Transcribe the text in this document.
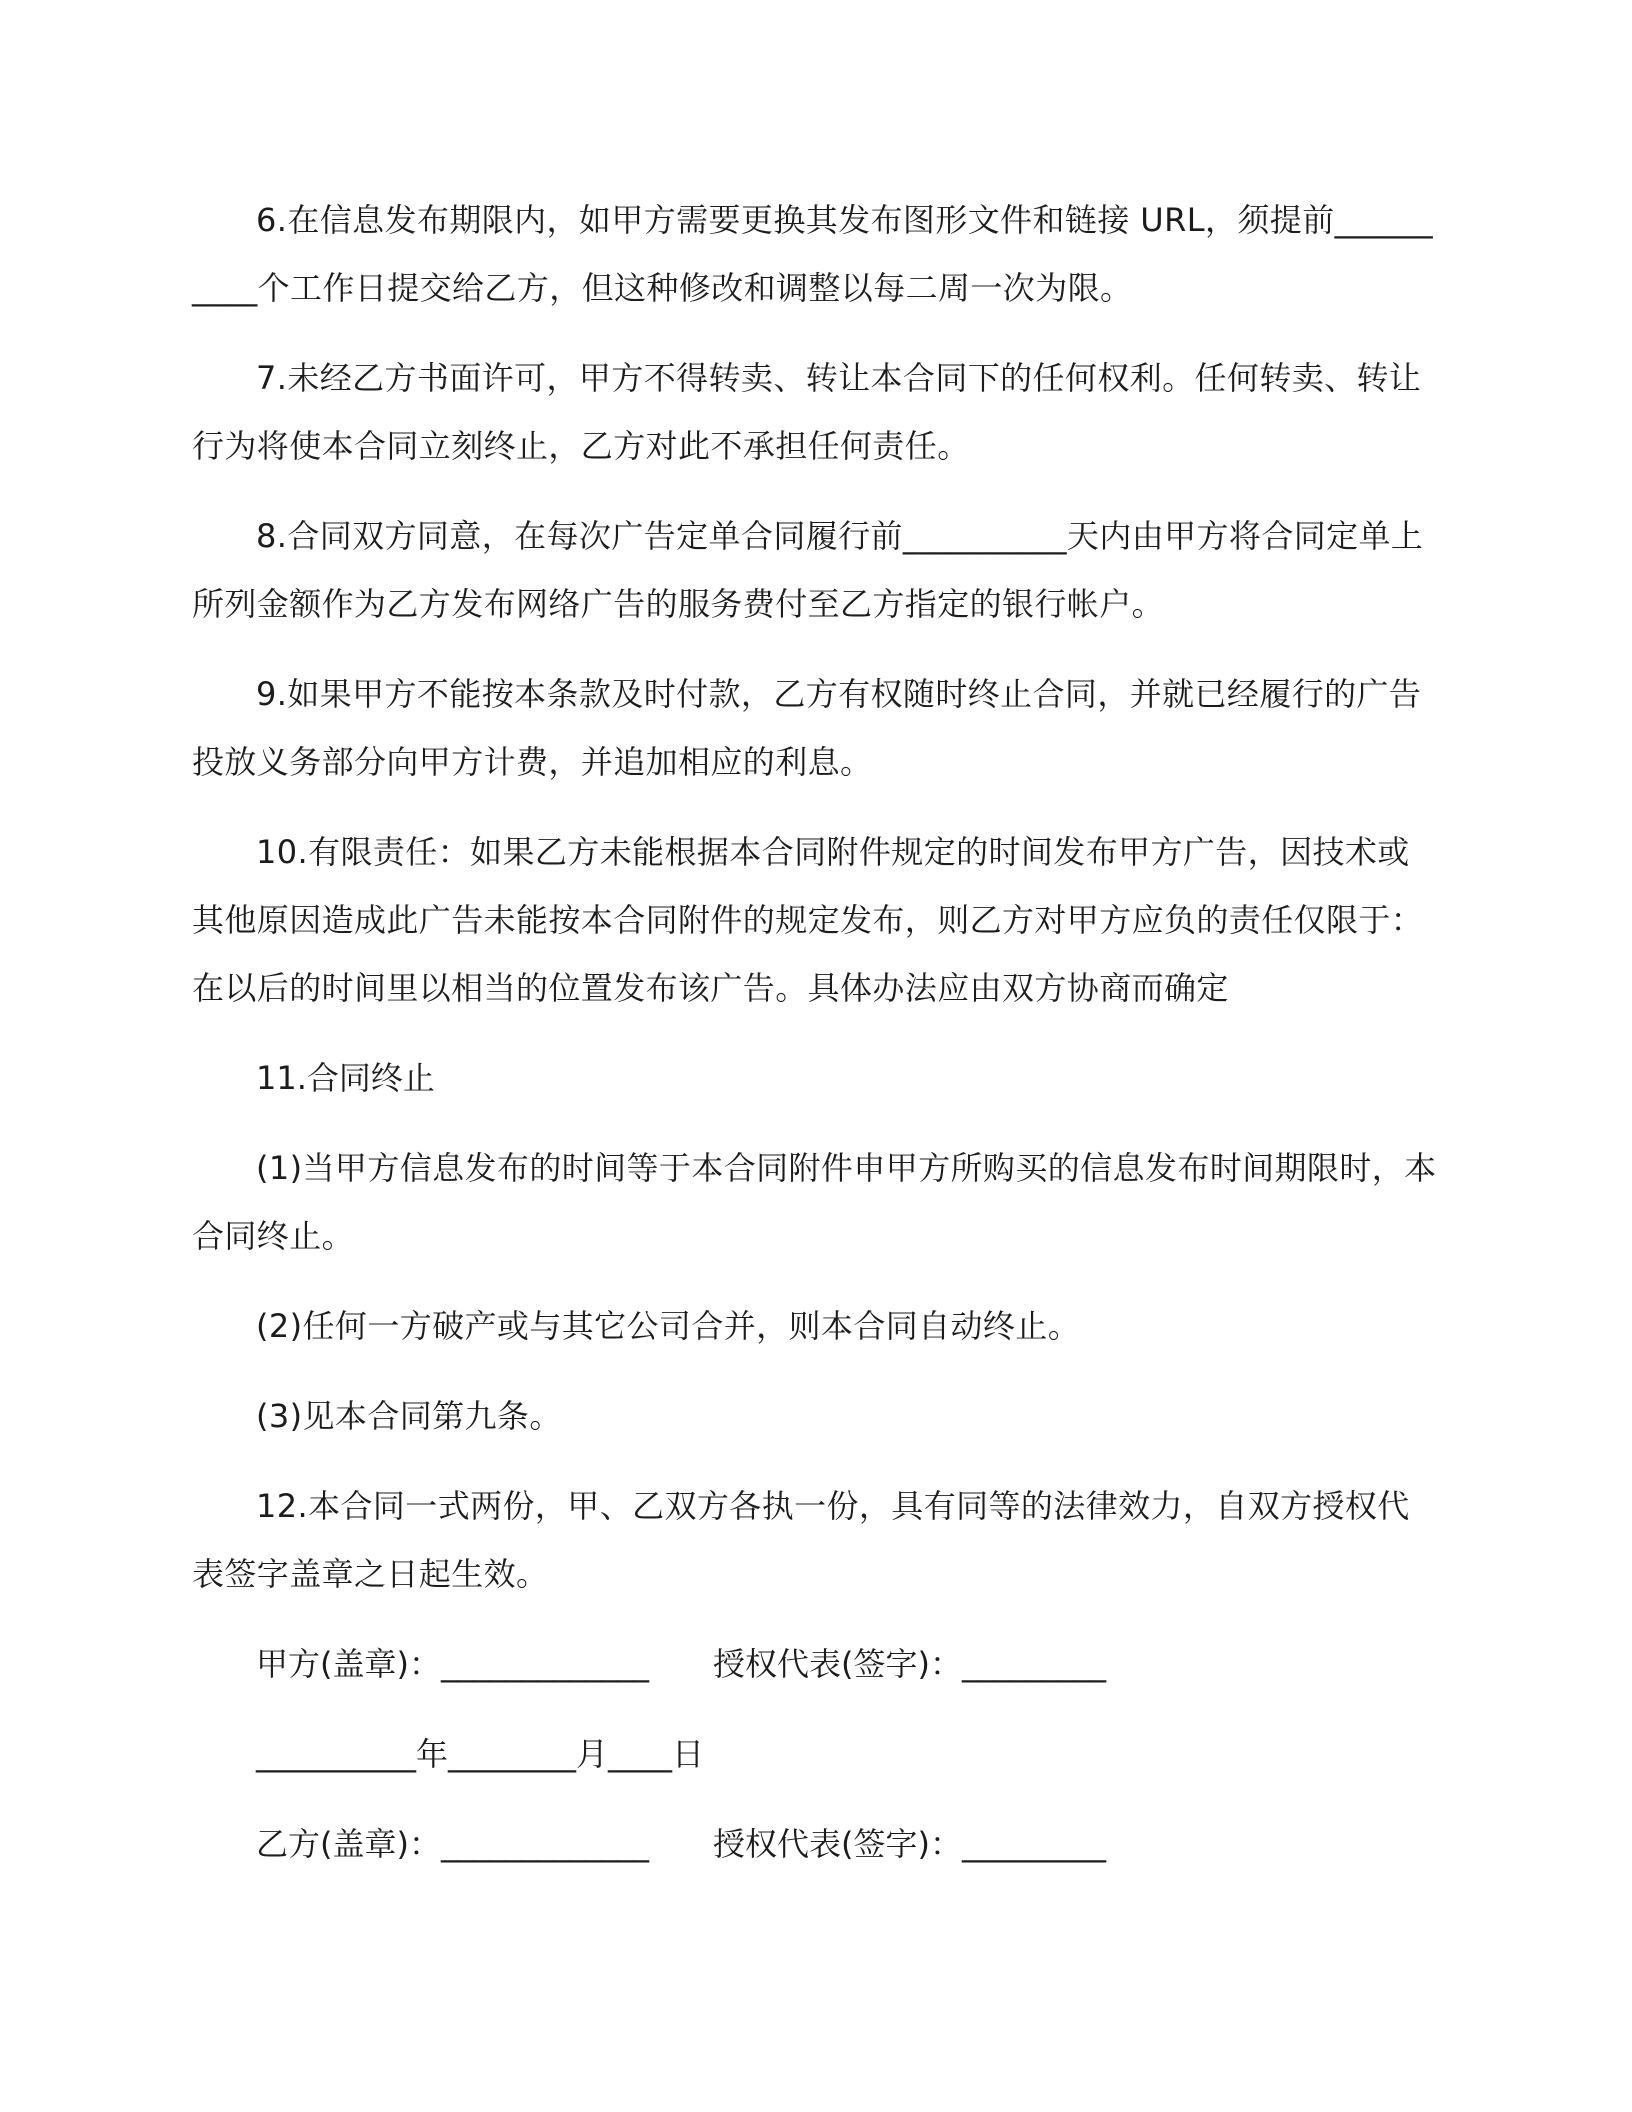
6.在信息发布期限内，如甲方需要更换其发布图形文件和链接 URL，须提前__________个工作日提交给乙方，但这种修改和调整以每二周一次为限。

7.未经乙方书面许可，甲方不得转卖、转让本合同下的任何权利。任何转卖、转让行为将使本合同立刻终止，乙方对此不承担任何责任。

8.合同双方同意，在每次广告定单合同履行前__________天内由甲方将合同定单上所列金额作为乙方发布网络广告的服务费付至乙方指定的银行帐户。

9.如果甲方不能按本条款及时付款，乙方有权随时终止合同，并就已经履行的广告投放义务部分向甲方计费，并追加相应的利息。

10.有限责任：如果乙方未能根据本合同附件规定的时间发布甲方广告，因技术或其他原因造成此广告未能按本合同附件的规定发布，则乙方对甲方应负的责任仅限于：在以后的时间里以相当的位置发布该广告。具体办法应由双方协商而确定

11.合同终止

(1)当甲方信息发布的时间等于本合同附件申甲方所购买的信息发布时间期限时，本合同终止。

(2)任何一方破产或与其它公司合并，则本合同自动终止。

(3)见本合同第九条。

12.本合同一式两份，甲、乙双方各执一份，具有同等的法律效力，自双方授权代表签字盖章之日起生效。

甲方(盖章)：_____________ 授权代表(签字)：_________
__________年________月____日
乙方(盖章)：_____________ 授权代表(签字)：_________
